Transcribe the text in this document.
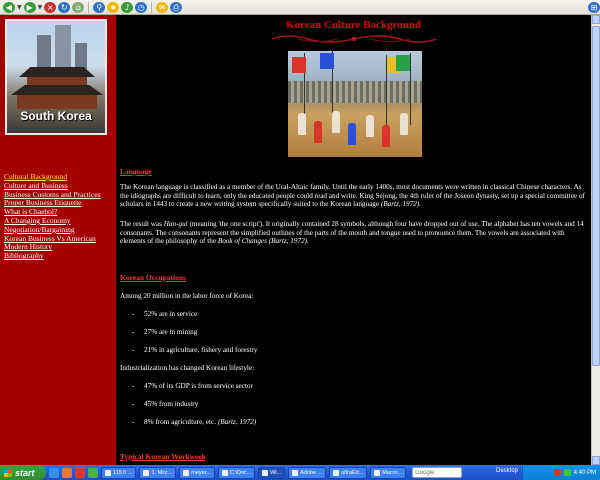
◀ ▼ ▶ ▼ × ↻	⌂	⚲ ★ ♪ ◷	✉ ⎙	⊞
South Korea
Cultural Background
Culture and Business
Business Customs and Practices
Proper Business Etiquette
What is Chaebol?
A Changing Economy
Negotiation/Bargaining
Korean Business Vs American
Modern History
Bibliography
Korean Culture Background
Language

The Korean language is classified as a member of the Ural-Altaic family. Until the early 1400s, most documents were written in classical Chinese characters. As the idiographs are difficult to learn, only the educated people could read and write. King Sejong, the 4th ruler of the Joseon dynasty, set up a special committee of scholars in 1443 to create a new writing system specifically suited to the Korean language (Bartz, 1972).

The result was Han-gul (meaning 'the one script'). It originally contained 28 symbols, although four have dropped out of use. The alphabet has ten vowels and 14 consonants. The consonants represent the simplified outlines of the parts of the mouth and tongue used to pronounce them. The vowels are associated with elements of the philosophy of the Book of Changes (Bartz, 1972).

Korean Occupations
Among 20 million in the labor force of Korea:
- 52% are in service
- 27% are in mining
- 21% in agriculture, fishery and forestry
Industrialization has changed Korean lifestyle:
- 47% of its GDP is from service sector
- 45% from industry
- 8% from agriculture, etc. (Bartz, 1972)
Typical Korean Workweek
start	115.0 ...	1. Mzz...	meyer...	C:\Doc...	Wi...	Adobe ...	ultraEd...	Macro...
Google	Desktop	4:40 PM
